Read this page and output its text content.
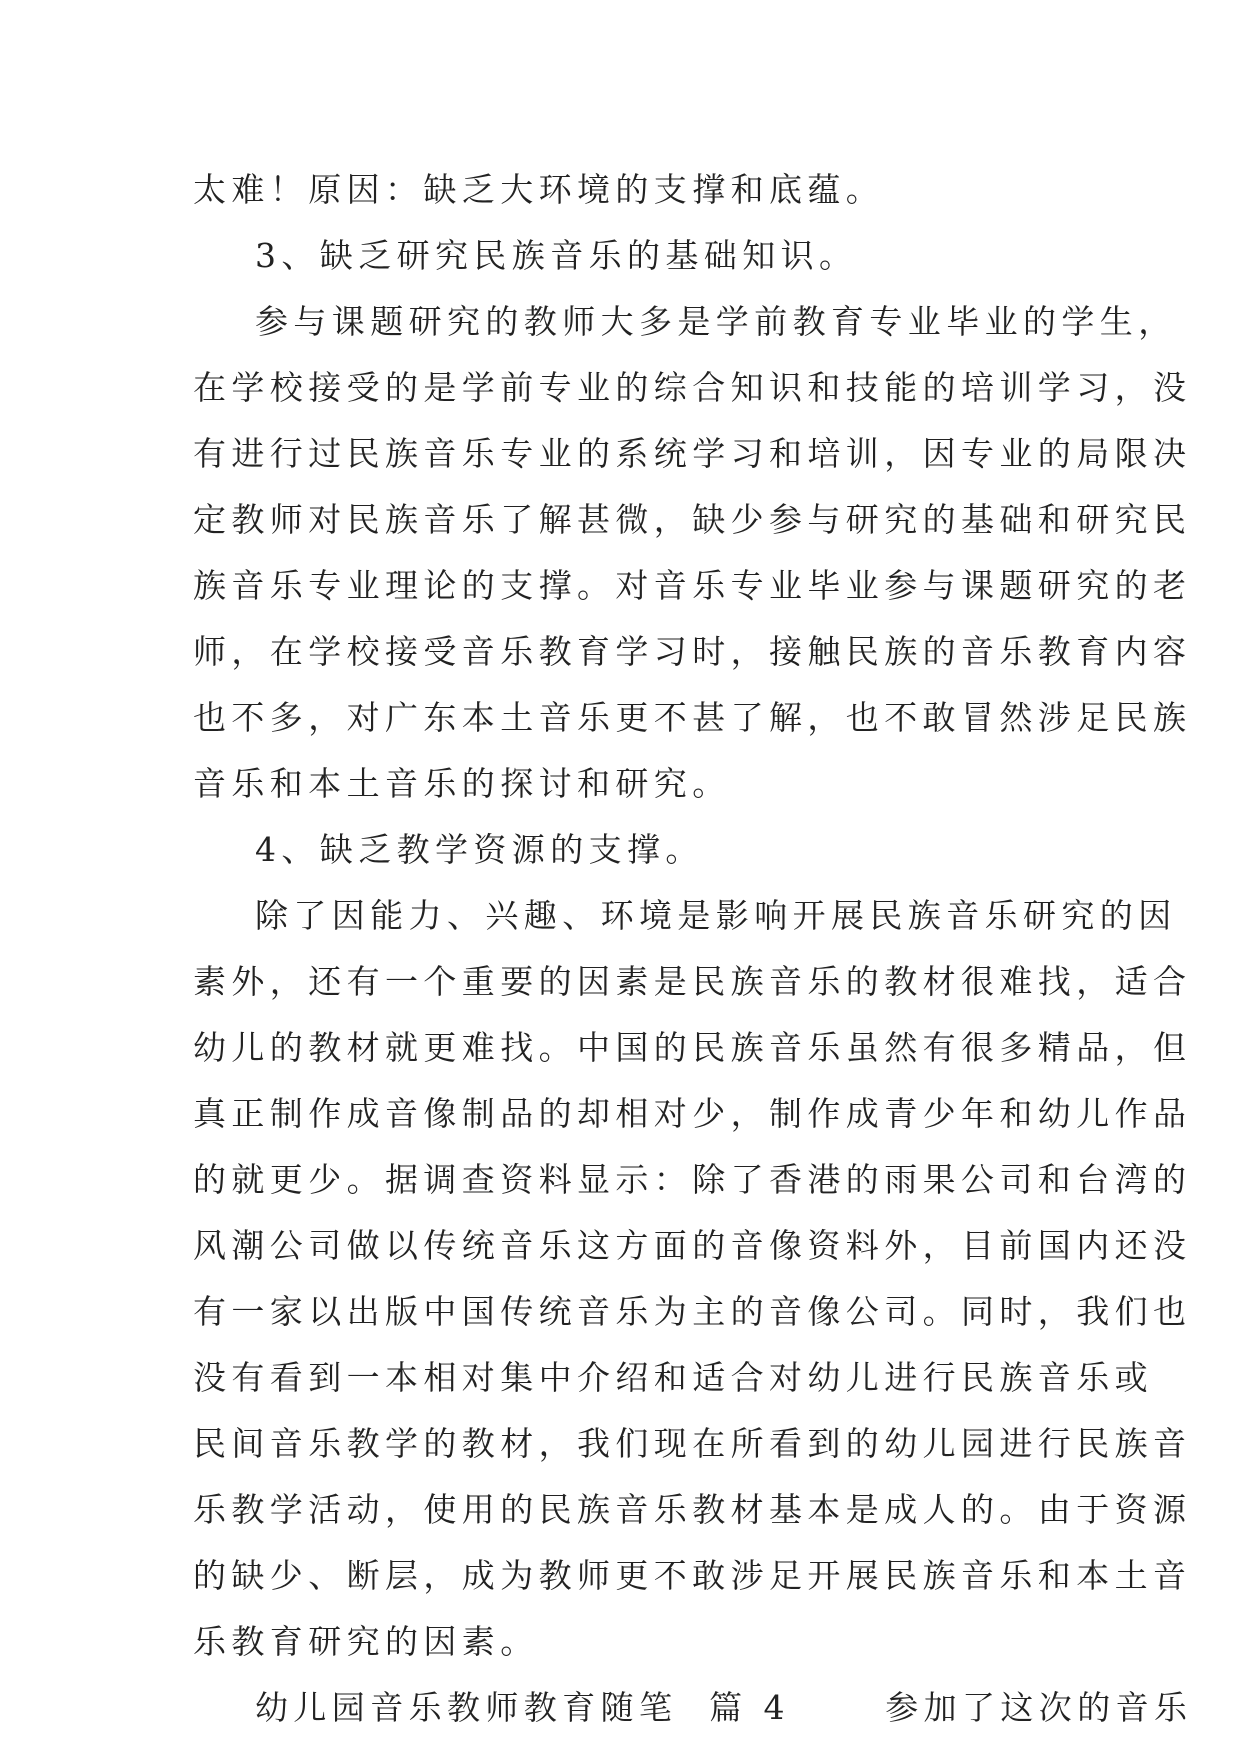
太难！原因：缺乏大环境的支撑和底蕴。
3、缺乏研究民族音乐的基础知识。
参与课题研究的教师大多是学前教育专业毕业的学生，
在学校接受的是学前专业的综合知识和技能的培训学习，没
有进行过民族音乐专业的系统学习和培训，因专业的局限决
定教师对民族音乐了解甚微，缺少参与研究的基础和研究民
族音乐专业理论的支撑。对音乐专业毕业参与课题研究的老
师，在学校接受音乐教育学习时，接触民族的音乐教育内容
也不多，对广东本土音乐更不甚了解，也不敢冒然涉足民族
音乐和本土音乐的探讨和研究。
4、缺乏教学资源的支撑。
除了因能力、兴趣、环境是影响开展民族音乐研究的因
素外，还有一个重要的因素是民族音乐的教材很难找，适合
幼儿的教材就更难找。中国的民族音乐虽然有很多精品，但
真正制作成音像制品的却相对少，制作成青少年和幼儿作品
的就更少。据调查资料显示：除了香港的雨果公司和台湾的
风潮公司做以传统音乐这方面的音像资料外，目前国内还没
有一家以出版中国传统音乐为主的音像公司。同时，我们也
没有看到一本相对集中介绍和适合对幼儿进行民族音乐或
民间音乐教学的教材，我们现在所看到的幼儿园进行民族音
乐教学活动，使用的民族音乐教材基本是成人的。由于资源
的缺少、断层，成为教师更不敢涉足开展民族音乐和本土音
乐教育研究的因素。
幼儿园音乐教师教育随笔  篇 4      参加了这次的音乐
